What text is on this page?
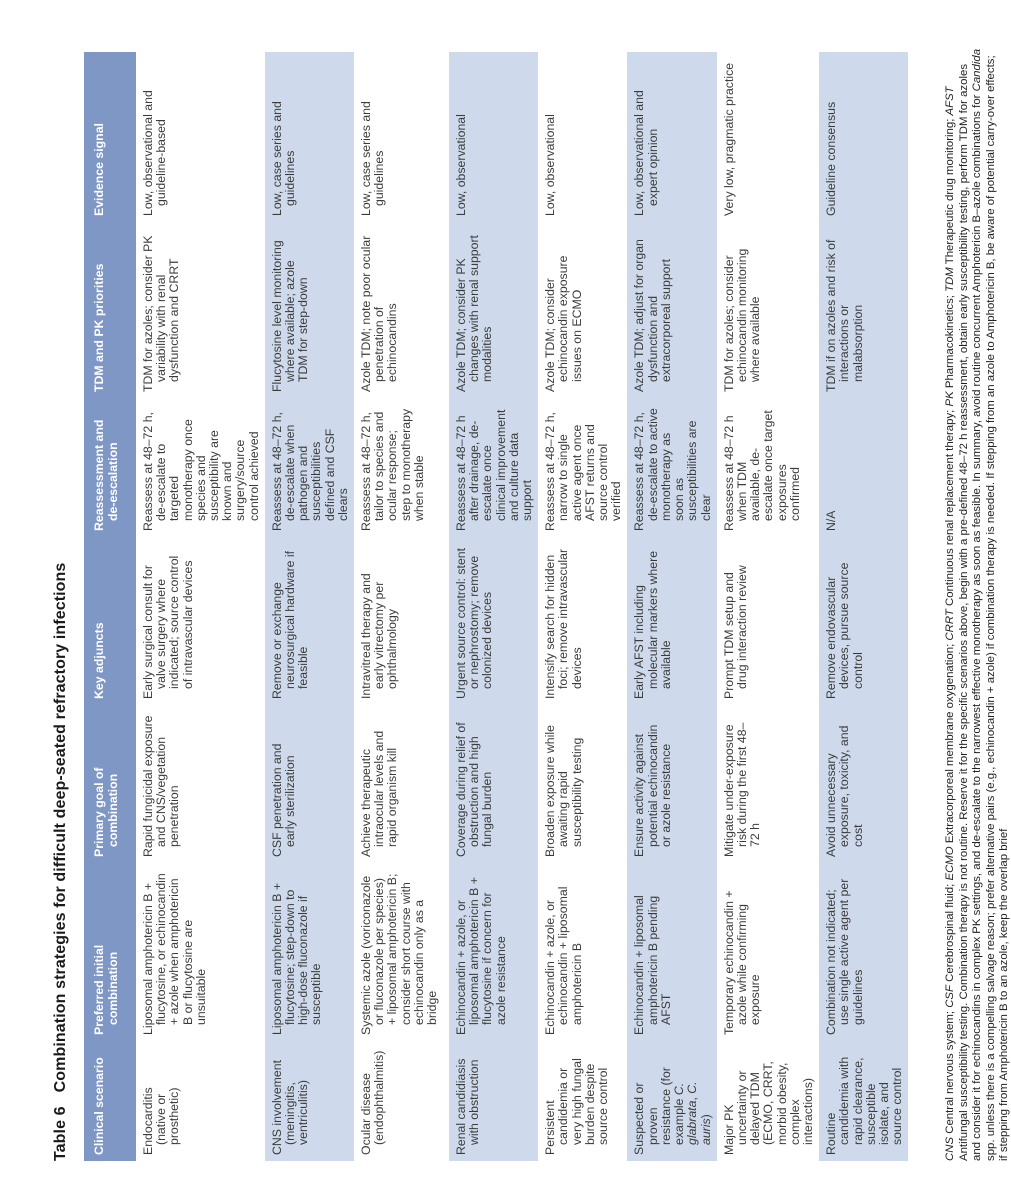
Table 6Combination strategies for difficult deep-seated refractory infections
Clinical scenario	Preferred initial combination	Primary goal of combination	Key adjuncts	Reassessment and de-escalation	TDM and PK priorities	Evidence signal
Endocarditis (native or prosthetic)	Liposomal amphotericin B + flucytosine, or echinocandin + azole when amphotericin B or flucytosine are unsuitable	Rapid fungicidal exposure and CNS/vegetation penetration	Early surgical consult for valve surgery where indicated; source control of intravascular devices	Reassess at 48–72 h, de-escalate to targeted monotherapy once species and susceptibility are known and surgery/source control achieved	TDM for azoles; consider PK variability with renal dysfunction and CRRT	Low, observational and guideline-based
CNS involvement (meningitis, ventriculitis)	Liposomal amphotericin B + flucytosine; step-down to high-dose fluconazole if susceptible	CSF penetration and early sterilization	Remove or exchange neurosurgical hardware if feasible	Reassess at 48–72 h, de-escalate when pathogen and susceptibilities defined and CSF clears	Flucytosine level monitoring where available; azole TDM for step-down	Low, case series and guidelines
Ocular disease (endophthalmitis)	Systemic azole (voriconazole or fluconazole per species) + liposomal amphotericin B; consider short course with echinocandin only as a bridge	Achieve therapeutic intraocular levels and rapid organism kill	Intravitreal therapy and early vitrectomy per ophthalmology	Reassess at 48–72 h, tailor to species and ocular response; step to monotherapy when stable	Azole TDM; note poor ocular penetration of echinocandins	Low, case series and guidelines
Renal candidiasis with obstruction	Echinocandin + azole, or liposomal amphotericin B + flucytosine if concern for azole resistance	Coverage during relief of obstruction and high fungal burden	Urgent source control: stent or nephrostomy; remove colonized devices	Reassess at 48–72 h after drainage, de-escalate once clinical improvement and culture data support	Azole TDM; consider PK changes with renal support modalities	Low, observational
Persistent candidemia or very high fungal burden despite source control	Echinocandin + azole, or echinocandin + liposomal amphotericin B	Broaden exposure while awaiting rapid susceptibility testing	Intensify search for hidden foci; remove intravascular devices	Reassess at 48–72 h, narrow to single active agent once AFST returns and source control verified	Azole TDM; consider echinocandin exposure issues on ECMO	Low, observational
Suspected or proven resistance (for example C. glabrata, C. auris)	Echinocandin + liposomal amphotericin B pending AFST	Ensure activity against potential echinocandin or azole resistance	Early AFST including molecular markers where available	Reassess at 48–72 h, de-escalate to active monotherapy as soon as susceptibilities are clear	Azole TDM; adjust for organ dysfunction and extracorporeal support	Low, observational and expert opinion
Major PK uncertainty or delayed TDM (ECMO, CRRT, morbid obesity, complex interactions)	Temporary echinocandin + azole while confirming exposure	Mitigate under-exposure risk during the first 48–72 h	Prompt TDM setup and drug interaction review	Reassess at 48–72 h when TDM available, de-escalate once target exposures confirmed	TDM for azoles; consider echinocandin monitoring where available	Very low, pragmatic practice
Routine candidemia with rapid clearance, susceptible isolate, and source control	Combination not indicated; use single active agent per guidelines	Avoid unnecessary exposure, toxicity, and cost	Remove endovascular devices, pursue source control	N/A	TDM if on azoles and risk of interactions or malabsorption	Guideline consensus

CNS Central nervous system; CSF Cerebrospinal fluid; ECMO Extracorporeal membrane oxygenation; CRRT Continuous renal replacement therapy; PK Pharmacokinetics; TDM Therapeutic drug monitoring; AFST Antifungal susceptibility testing. Combination therapy is not routine. Reserve it for the specific scenarios above, begin with a pre-defined 48–72 h reassessment, obtain early susceptibility testing, perform TDM for azoles and consider it for echinocandins in complex PK settings, and de-escalate to the narrowest effective monotherapy as soon as feasible. In summary, avoid routine concurrent Amphotericin B–azole combinations for Candida spp. unless there is a compelling salvage reason; prefer alternative pairs (e.g., echinocandin + azole) if combination therapy is needed. If stepping from an azole to Amphotericin B, be aware of potential carry-over effects; if stepping from Amphotericin B to an azole, keep the overlap brief
